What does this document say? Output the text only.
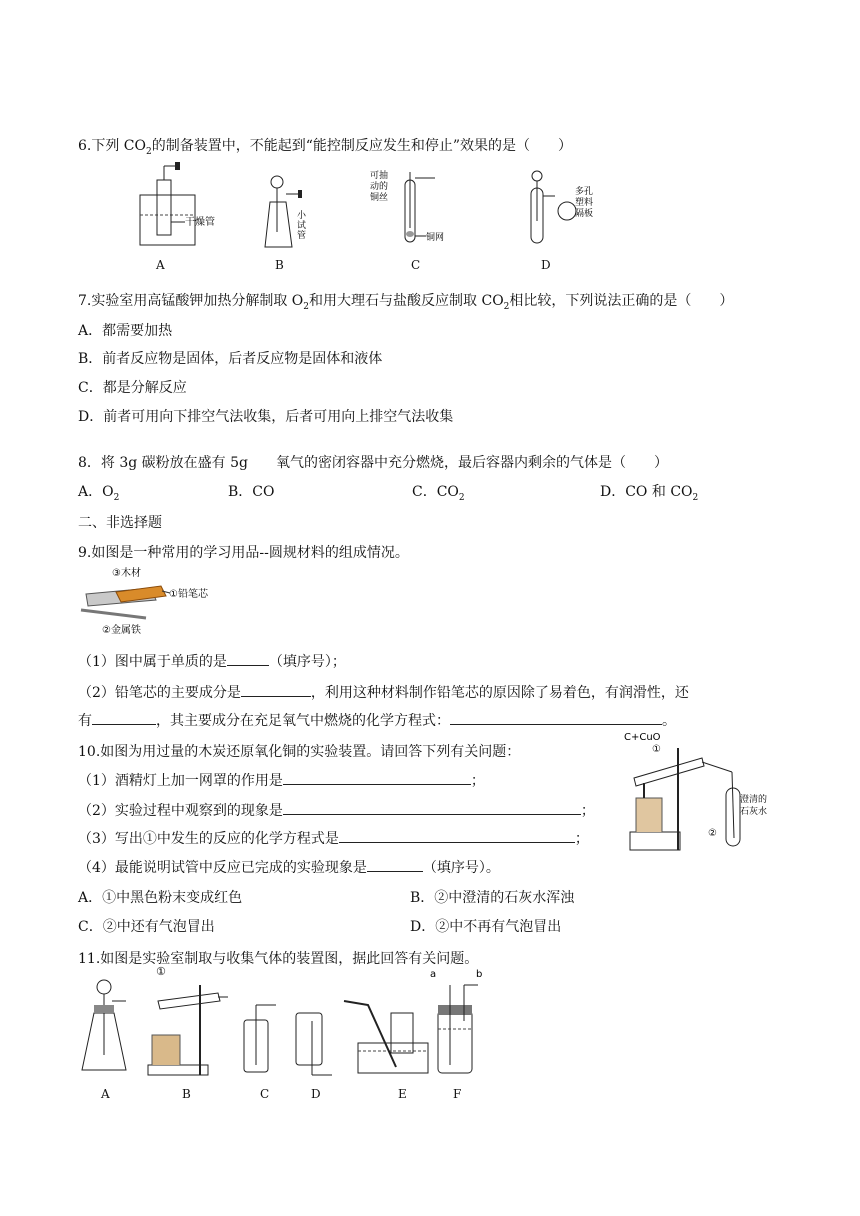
6.下列 $CO_2$的制备装置中，不能起到“能控制反应发生和停止”效果的是（　　）
干燥管
小
试
管
可抽
动的
铜丝
铜网
多孔
塑料
隔板
A	B	C	D
7.实验室用高锰酸钾加热分解制取 $O_2$和用大理石与盐酸反应制取 $CO_2$相比较，下列说法正确的是（　　）
A．都需要加热
B．前者反应物是固体，后者反应物是固体和液体
C．都是分解反应
D．前者可用向下排空气法收集，后者可用向上排空气法收集
8．将 3g 碳粉放在盛有 5g　　氧气的密闭容器中充分燃烧，最后容器内剩余的气体是（　　）
A．$O_2$	B．CO	C．$CO_2$	D．CO 和 $CO_2$
二、非选择题
9.如图是一种常用的学习用品--圆规材料的组成情况。
③木材
①铅笔芯
②金属铁
（1）图中属于单质的是	（填序号）；
（2）铅笔芯的主要成分是	，利用这种材料制作铅笔芯的原因除了易着色，有润滑性，还
有	，其主要成分在充足氧气中燃烧的化学方程式：	。
10.如图为用过量的木炭还原氧化铜的实验装置。请回答下列有关问题：
（1）酒精灯上加一网罩的作用是	；
（2）实验过程中观察到的现象是	；
（3）写出①中发生的反应的化学方程式是	；
（4）最能说明试管中反应已完成的实验现象是	（填序号）。
A．①中黑色粉末变成红色	B．②中澄清的石灰水浑浊
C．②中还有气泡冒出	D．②中不再有气泡冒出
C+CuO
①
②
澄清的
石灰水
11.如图是实验室制取与收集气体的装置图，据此回答有关问题。
①	a	b
A	B	C	D	E	F
